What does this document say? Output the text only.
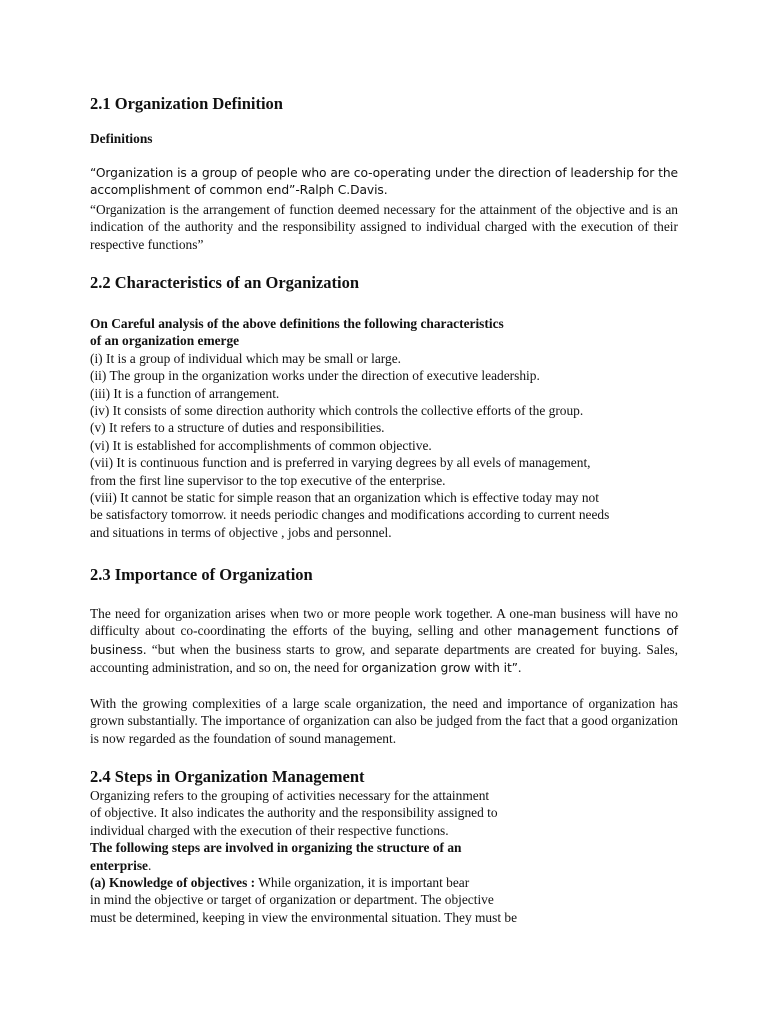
2.1 Organization Definition
Definitions
“Organization is a group of people who are co-operating under the direction of leadership for the accomplishment of common end”-Ralph C.Davis.
“Organization is the arrangement of function deemed necessary for the attainment of the objective and is an indication of the authority and the responsibility assigned to individual charged with the execution of their respective functions”
2.2 Characteristics of an Organization
On Careful analysis of the above definitions the following characteristics
of an organization emerge
(i) It is a group of individual which may be small or large.
(ii) The group in the organization works under the direction of executive leadership.
(iii) It is a function of arrangement.
(iv) It consists of some direction authority which controls the collective efforts of the group.
(v) It refers to a structure of duties and responsibilities.
(vi) It is established for accomplishments of common objective.
(vii) It is continuous function and is preferred in varying degrees by all evels of management,
from the first line supervisor to the top executive of the enterprise.
(viii) It cannot be static for simple reason that an organization which is effective today may not
be satisfactory tomorrow. it needs periodic changes and modifications according to current needs
and situations in terms of objective , jobs and personnel.
2.3 Importance of Organization
The need for organization arises when two or more people work together. A one-man business will have no difficulty about co-coordinating the efforts of the buying, selling and other management functions of business. “but when the business starts to grow, and separate departments are created for buying. Sales, accounting administration, and so on, the need for organization grow with it”.
With the growing complexities of a large scale organization, the need and importance of organization has grown substantially. The importance of organization can also be judged from the fact that a good organization is now regarded as the foundation of sound management.
2.4 Steps in Organization Management
Organizing refers to the grouping of activities necessary for the attainment
of objective. It also indicates the authority and the responsibility assigned to
individual charged with the execution of their respective functions.
The following steps are involved in organizing the structure of an
enterprise.
(a) Knowledge of objectives : While organization, it is important bear
in mind the objective or target of organization or department. The objective
must be determined, keeping in view the environmental situation. They must be
